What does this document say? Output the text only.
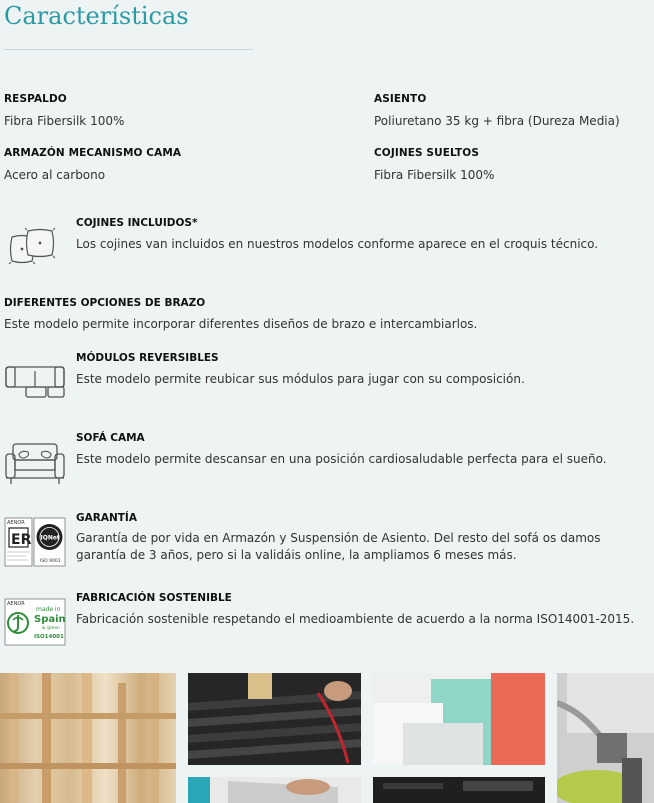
Características
RESPALDO
Fibra Fibersilk 100%
ASIENTO
Poliuretano 35 kg + fibra (Dureza Media)
ARMAZÓN MECANISMO CAMA
Acero al carbono
COJINES SUELTOS
Fibra Fibersilk 100%
COJINES INCLUIDOS*
Los cojines van incluidos en nuestros modelos conforme aparece en el croquis técnico.
DIFERENTES OPCIONES DE BRAZO
Este modelo permite incorporar diferentes diseños de brazo e intercambiarlos.
MÓDULOS REVERSIBLES
Este modelo permite reubicar sus módulos para jugar con su composición.
SOFÁ CAMA
Este modelo permite descansar en una posición cardiosaludable perfecta para el sueño.
AENOR
ER IQNet
ISO 9001
GARANTÍA
Garantía de por vida en Armazón y Suspensión de Asiento. Del resto del sofá os damos
garantía de 3 años, pero si la validáis online, la ampliamos 6 meses más.
AENOR
made in
Spain
& green
ISO14001
FABRICACIÓN SOSTENIBLE
Fabricación sostenible respetando el medioambiente de acuerdo a la norma ISO14001-2015.
